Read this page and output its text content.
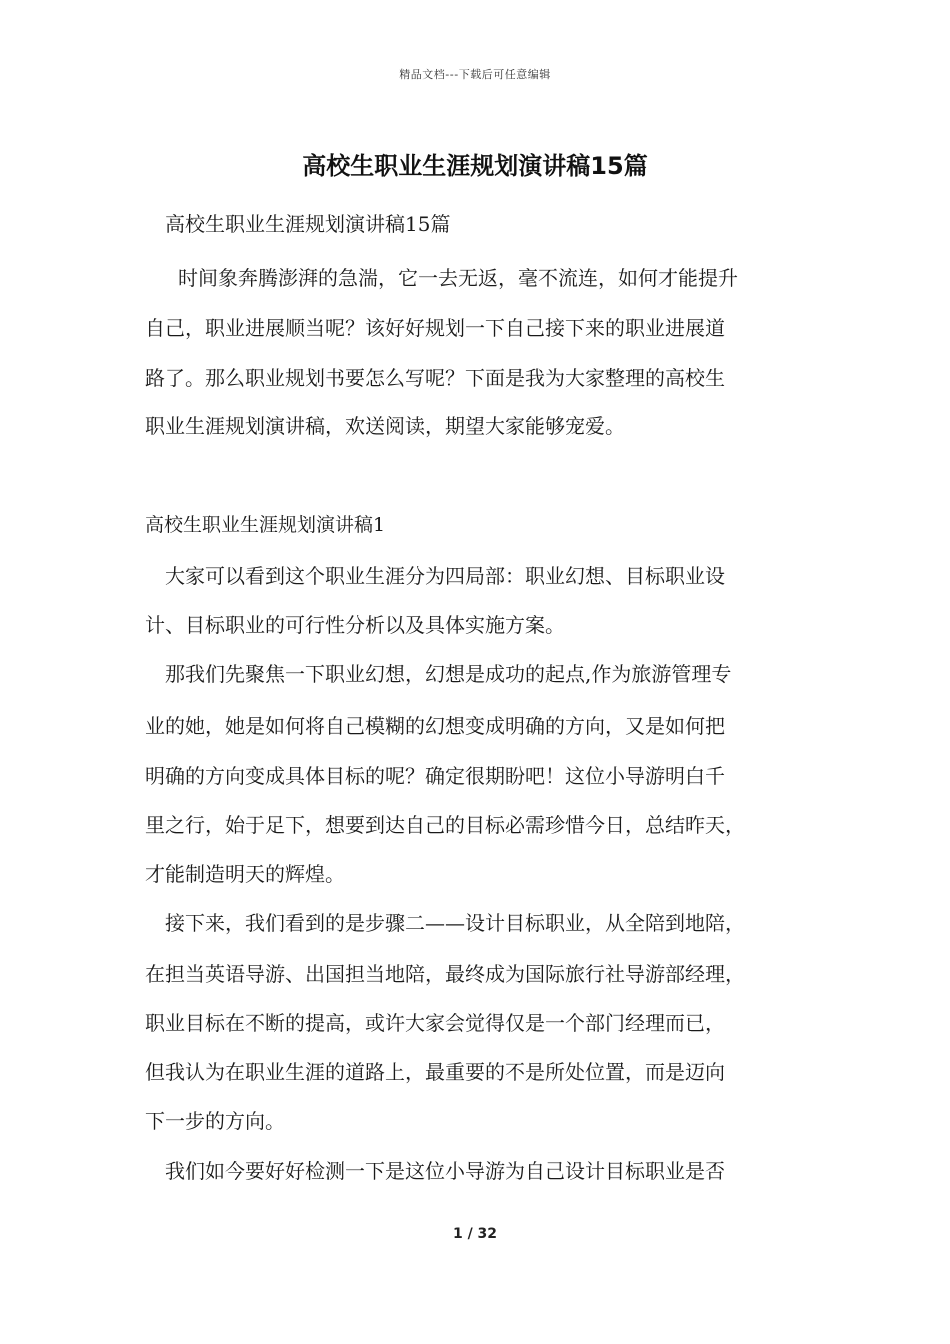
精品文档---下载后可任意编辑
高校生职业生涯规划演讲稿15篇
高校生职业生涯规划演讲稿15篇
时间象奔腾澎湃的急湍，它一去无返，毫不流连，如何才能提升
自己，职业进展顺当呢？该好好规划一下自己接下来的职业进展道
路了。那么职业规划书要怎么写呢？下面是我为大家整理的高校生
职业生涯规划演讲稿，欢送阅读，期望大家能够宠爱。
高校生职业生涯规划演讲稿1
大家可以看到这个职业生涯分为四局部：职业幻想、目标职业设
计、目标职业的可行性分析以及具体实施方案。
那我们先聚焦一下职业幻想，幻想是成功的起点,作为旅游管理专
业的她，她是如何将自己模糊的幻想变成明确的方向，又是如何把
明确的方向变成具体目标的呢？确定很期盼吧！这位小导游明白千
里之行，始于足下，想要到达自己的目标必需珍惜今日，总结昨天，
才能制造明天的辉煌。
接下来，我们看到的是步骤二——设计目标职业，从全陪到地陪，
在担当英语导游、出国担当地陪，最终成为国际旅行社导游部经理，
职业目标在不断的提高，或许大家会觉得仅是一个部门经理而已，
但我认为在职业生涯的道路上，最重要的不是所处位置，而是迈向
下一步的方向。
我们如今要好好检测一下是这位小导游为自己设计目标职业是否
1 / 32
